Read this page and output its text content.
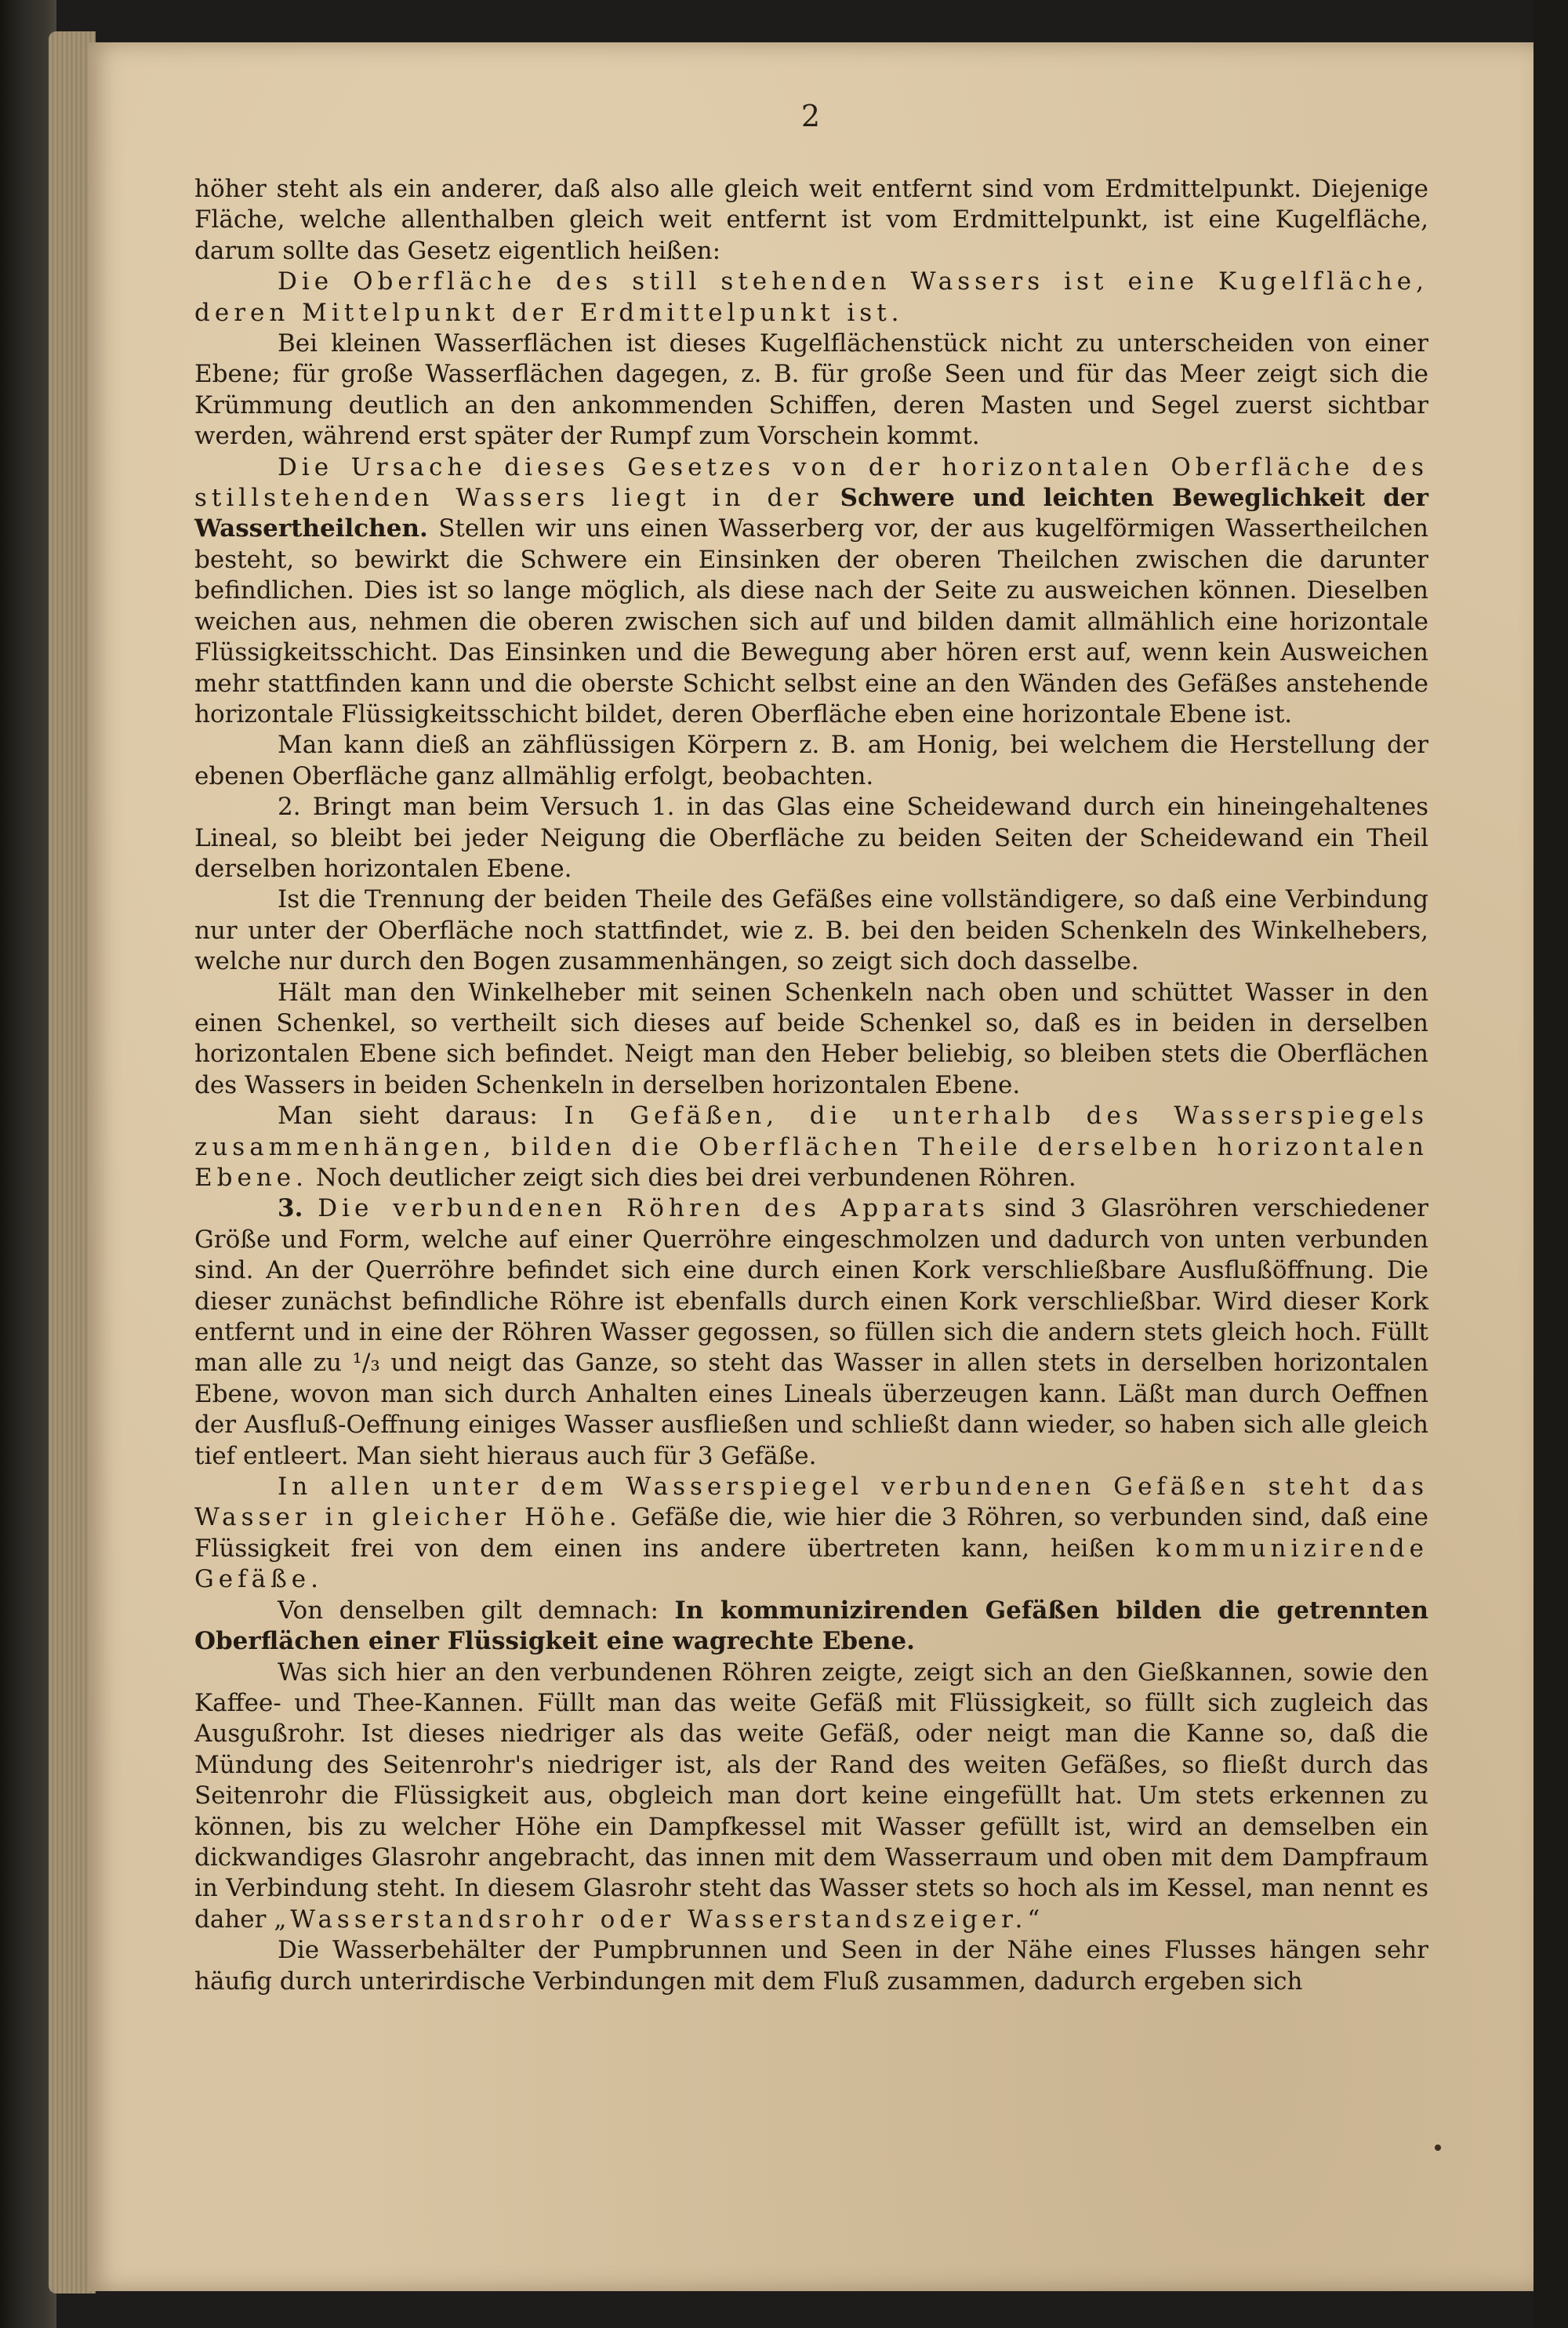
2

höher steht als ein anderer, daß also alle gleich weit entfernt sind vom Erdmittelpunkt. Diejenige Fläche, welche allenthalben gleich weit entfernt ist vom Erdmittelpunkt, ist eine Kugelfläche, darum sollte das Gesetz eigentlich heißen:

Die Oberfläche des still stehenden Wassers ist eine Kugelfläche, deren Mittelpunkt der Erdmittelpunkt ist.

Bei kleinen Wasserflächen ist dieses Kugelflächenstück nicht zu unterscheiden von einer Ebene; für große Wasserflächen dagegen, z. B. für große Seen und für das Meer zeigt sich die Krümmung deutlich an den ankommenden Schiffen, deren Masten und Segel zuerst sichtbar werden, während erst später der Rumpf zum Vorschein kommt.

Die Ursache dieses Gesetzes von der horizontalen Oberfläche des stillstehenden Wassers liegt in der Schwere und leichten Beweglichkeit der Wassertheilchen. Stellen wir uns einen Wasserberg vor, der aus kugelförmigen Wassertheilchen besteht, so bewirkt die Schwere ein Einsinken der oberen Theilchen zwischen die darunter befindlichen. Dies ist so lange möglich, als diese nach der Seite zu ausweichen können. Dieselben weichen aus, nehmen die oberen zwischen sich auf und bilden damit allmählich eine horizontale Flüssigkeitsschicht. Das Einsinken und die Bewegung aber hören erst auf, wenn kein Ausweichen mehr stattfinden kann und die oberste Schicht selbst eine an den Wänden des Gefäßes anstehende horizontale Flüssigkeitsschicht bildet, deren Oberfläche eben eine horizontale Ebene ist.

Man kann dieß an zähflüssigen Körpern z. B. am Honig, bei welchem die Herstellung der ebenen Oberfläche ganz allmählig erfolgt, beobachten.

2. Bringt man beim Versuch 1. in das Glas eine Scheidewand durch ein hineingehaltenes Lineal, so bleibt bei jeder Neigung die Oberfläche zu beiden Seiten der Scheidewand ein Theil derselben horizontalen Ebene.

Ist die Trennung der beiden Theile des Gefäßes eine vollständigere, so daß eine Verbindung nur unter der Oberfläche noch stattfindet, wie z. B. bei den beiden Schenkeln des Winkelhebers, welche nur durch den Bogen zusammenhängen, so zeigt sich doch dasselbe.

Hält man den Winkelheber mit seinen Schenkeln nach oben und schüttet Wasser in den einen Schenkel, so vertheilt sich dieses auf beide Schenkel so, daß es in beiden in derselben horizontalen Ebene sich befindet. Neigt man den Heber beliebig, so bleiben stets die Oberflächen des Wassers in beiden Schenkeln in derselben horizontalen Ebene.

Man sieht daraus: In Gefäßen, die unterhalb des Wasserspiegels zusammenhängen, bilden die Oberflächen Theile derselben horizontalen Ebene. Noch deutlicher zeigt sich dies bei drei verbundenen Röhren.

3. Die verbundenen Röhren des Apparats sind 3 Glasröhren verschiedener Größe und Form, welche auf einer Querröhre eingeschmolzen und dadurch von unten verbunden sind. An der Querröhre befindet sich eine durch einen Kork verschließbare Ausflußöffnung. Die dieser zunächst befindliche Röhre ist ebenfalls durch einen Kork verschließbar. Wird dieser Kork entfernt und in eine der Röhren Wasser gegossen, so füllen sich die andern stets gleich hoch. Füllt man alle zu ¹/₃ und neigt das Ganze, so steht das Wasser in allen stets in derselben horizontalen Ebene, wovon man sich durch Anhalten eines Lineals überzeugen kann. Läßt man durch Oeffnen der Ausfluß-Oeffnung einiges Wasser ausfließen und schließt dann wieder, so haben sich alle gleich tief entleert. Man sieht hieraus auch für 3 Gefäße.

In allen unter dem Wasserspiegel verbundenen Gefäßen steht das Wasser in gleicher Höhe. Gefäße die, wie hier die 3 Röhren, so verbunden sind, daß eine Flüssigkeit frei von dem einen ins andere übertreten kann, heißen kommunizirende Gefäße.

Von denselben gilt demnach: In kommunizirenden Gefäßen bilden die getrennten Oberflächen einer Flüssigkeit eine wagrechte Ebene.

Was sich hier an den verbundenen Röhren zeigte, zeigt sich an den Gießkannen, sowie den Kaffee- und Thee-Kannen. Füllt man das weite Gefäß mit Flüssigkeit, so füllt sich zugleich das Ausgußrohr. Ist dieses niedriger als das weite Gefäß, oder neigt man die Kanne so, daß die Mündung des Seitenrohr's niedriger ist, als der Rand des weiten Gefäßes, so fließt durch das Seitenrohr die Flüssigkeit aus, obgleich man dort keine eingefüllt hat. Um stets erkennen zu können, bis zu welcher Höhe ein Dampfkessel mit Wasser gefüllt ist, wird an demselben ein dickwandiges Glasrohr angebracht, das innen mit dem Wasserraum und oben mit dem Dampfraum in Verbindung steht. In diesem Glasrohr steht das Wasser stets so hoch als im Kessel, man nennt es daher „Wasserstandsrohr oder Wasserstandszeiger.“

Die Wasserbehälter der Pumpbrunnen und Seen in der Nähe eines Flusses hängen sehr häufig durch unterirdische Verbindungen mit dem Fluß zusammen, dadurch ergeben sich
